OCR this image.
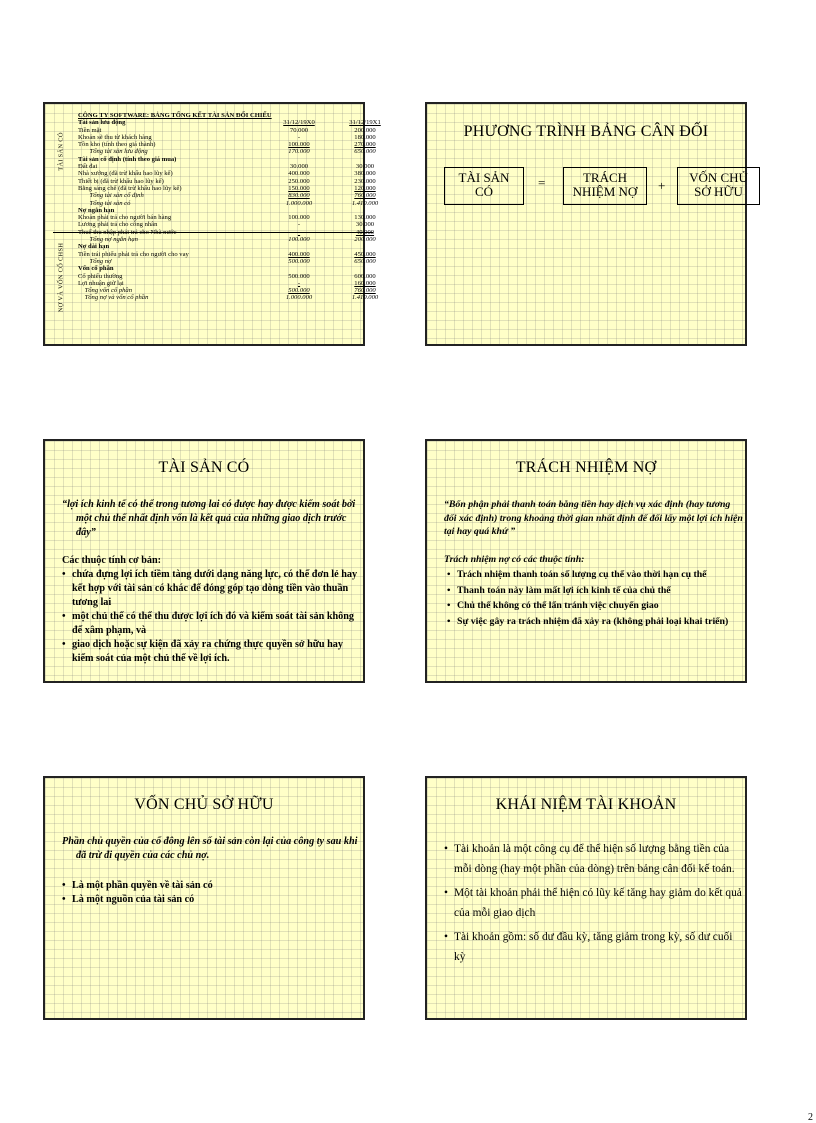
TÀI SẢN CÓ
NỢ VÀ VỐN CỔ CHSH
CÔNG TY SOFTWARE: BẢNG TỔNG KẾT TÀI SẢN ĐỐI CHIẾU
Tài sản lưu động	31/12/19X0	31/12/19X1
Tiền mặt	70.000	200.000
Khoản sẽ thu từ khách hàng	-	180.000
Tồn kho (tính theo giá thành)	100.000	270.000
Tổng tài sản lưu động	170.000	650.000
Tài sản cố định (tính theo giá mua)
Đất đai	30.000	30.000
Nhà xưởng (đã trừ khấu hao lũy kế)	400.000	380.000
Thiết bị (đã trừ khấu hao lũy kế)	250.000	230.000
Bằng sáng chế (đã trừ khấu hao lũy kế)	150.000	120.000
Tổng tài sản cố định	830.000	760.000
Tổng tài sản có	1.000.000	1.410.000
Nợ ngắn hạn
Khoản phải trả cho người bán hàng	100.000	130.000
Lương phải trả cho công nhân	-	30.000
Thuế thu nhập phải trả cho Nhà nước	-	40.000
Tổng nợ ngắn hạn	100.000	200.000
Nợ dài hạn
Tiền trái phiếu phải trả cho người cho vay	400.000	450.000
Tổng nợ	500.000	650.000
Vốn cổ phần
Cổ phiếu thường	500.000	600.000
Lợi nhuận giữ lại	-	160.000
Tổng vốn cổ phần	500.000	760.000
Tổng nợ và vốn cổ phần	1.000.000	1.410.000
PHƯƠNG TRÌNH BẢNG CÂN ĐỐI
TÀI SẢN
CÓ
=	TRÁCH
NHIỆM NỢ	+
VỐN CHỦ
SỞ HỮU
TÀI SẢN CÓ
“lợi ích kinh tế có thể trong tương lai có được hay được kiểm soát bởi một chủ thể nhất định vốn là kết quả của những giao dịch trước đây”
Các thuộc tính cơ bản:
• chứa đựng lợi ích tiềm tàng dưới dạng năng lực, có thể đơn lẻ hay kết hợp với tài sản có khác để đóng góp tạo dòng tiền vào thuần tương lai
• một chủ thể có thể thu được lợi ích đó và kiểm soát tài sản không để xâm phạm, và
• giao dịch hoặc sự kiện đã xảy ra chứng thực quyền sở hữu hay kiểm soát của một chủ thể về lợi ích.
TRÁCH NHIỆM NỢ
“Bổn phận phải thanh toán bằng tiền hay dịch vụ xác định (hay tương đối xác định) trong khoảng thời gian nhất định để đổi lấy một lợi ích hiện tại hay quá khứ ”
Trách nhiệm nợ có các thuộc tính:
• Trách nhiệm thanh toán số lượng cụ thể vào thời hạn cụ thể
• Thanh toán này làm mất lợi ích kinh tế của chủ thể
• Chủ thể không có thể lẩn tránh việc chuyển giao
• Sự việc gây ra trách nhiệm đã xảy ra (không phải loại khai triển)
VỐN CHỦ SỞ HỮU
Phần chủ quyền của cổ đông lên số tài sản còn lại của công ty sau khi đã trừ đi quyền của các chủ nợ.
• Là một phần quyền về tài sản có
• Là một nguồn của tài sản có
KHÁI NIỆM TÀI KHOẢN
• Tài khoản là một công cụ để thể hiện số lượng bằng tiền của mỗi dòng (hay một phần của dòng) trên bảng cân đối kế toán.
• Một tài khoản phải thể hiện có lũy kế tăng hay giảm do kết quả của mỗi giao dịch
• Tài khoản gồm: số dư đầu kỳ, tăng giảm trong kỳ, số dư cuối kỳ
2
